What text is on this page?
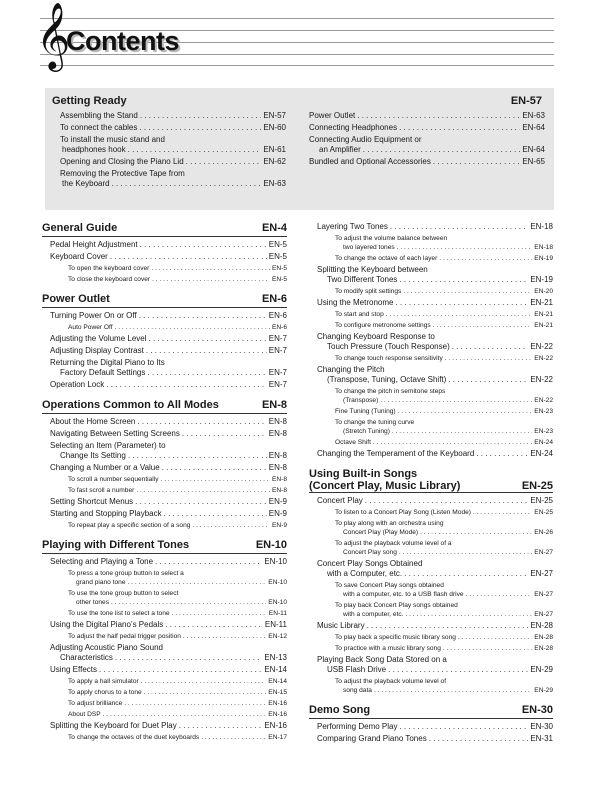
𝄞
Contents
Getting Ready	EN-57
Assembling the Stand . . .	EN-57
To connect the cables . . .	EN-60
To install the music stand and
headphones hook . . .	EN-61
Opening and Closing the Piano Lid . . .	EN-62
Removing the Protective Tape from
the Keyboard . . .	EN-63
Power Outlet . . .	EN-63
Connecting Headphones . . .	EN-64
Connecting Audio Equipment or
an Amplifier . . .	EN-64
Bundled and Optional Accessories . . .	EN-65
General Guide	EN-4
Pedal Height Adjustment . . .	EN-5
Keyboard Cover . . .	EN-5
To open the keyboard cover . . .	EN-5
To close the keyboard cover . . .	EN-5
Power Outlet	EN-6
Turning Power On or Off . . .	EN-6
Auto Power Off . . .	EN-6
Adjusting the Volume Level . . .	EN-7
Adjusting Display Contrast . . .	EN-7
Returning the Digital Piano to Its
Factory Default Settings . . .	EN-7
Operation Lock . . .	EN-7
Operations Common to All Modes	EN-8
About the Home Screen . . .	EN-8
Navigating Between Setting Screens . . .	EN-8
Selecting an Item (Parameter) to
Change Its Setting . . .	EN-8
Changing a Number or a Value . . .	EN-8
To scroll a number sequentially . . .	EN-8
To fast scroll a number . . .	EN-8
Setting Shortcut Menus . . .	EN-9
Starting and Stopping Playback . . .	EN-9
To repeat play a specific section of a song . . .	EN-9
Playing with Different Tones	EN-10
Selecting and Playing a Tone . . .	EN-10
To press a tone group button to select a
grand piano tone . . .	EN-10
To use the tone group button to select
other tones . . .	EN-10
To use the tone list to select a tone . . .	EN-11
Using the Digital Piano’s Pedals . . .	EN-11
To adjust the half pedal trigger position . . .	EN-12
Adjusting Acoustic Piano Sound
Characteristics . . .	EN-13
Using Effects . . .	EN-14
To apply a hall simulator . . .	EN-14
To apply chorus to a tone . . .	EN-15
To adjust brilliance . . .	EN-16
About DSP . . .	EN-16
Splitting the Keyboard for Duet Play . . .	EN-16
To change the octaves of the duet keyboards . . .	EN-17
Layering Two Tones . . .	EN-18
To adjust the volume balance between
two layered tones . . .	EN-18
To change the octave of each layer . . .	EN-19
Splitting the Keyboard between
Two Different Tones . . .	EN-19
To modify split settings . . .	EN-20
Using the Metronome . . .	EN-21
To start and stop . . .	EN-21
To configure metronome settings . . .	EN-21
Changing Keyboard Response to
Touch Pressure (Touch Response) . . .	EN-22
To change touch response sensitivity . . .	EN-22
Changing the Pitch
(Transpose, Tuning, Octave Shift) . . .	EN-22
To change the pitch in semitone steps
(Transpose) . . .	EN-22
Fine Tuning (Tuning) . . .	EN-23
To change the tuning curve
(Stretch Tuning) . . .	EN-23
Octave Shift . . .	EN-24
Changing the Temperament of the Keyboard . . .	EN-24
Using Built-in Songs
(Concert Play, Music Library)	EN-25
Concert Play . . .	EN-25
To listen to a Concert Play Song (Listen Mode) . . .	EN-25
To play along with an orchestra using
Concert Play (Play Mode) . . .	EN-26
To adjust the playback volume level of a
Concert Play song . . .	EN-27
Concert Play Songs Obtained
with a Computer, etc. . . .	EN-27
To save Concert Play songs obtained
with a computer, etc. to a USB flash drive . . .	EN-27
To play back Concert Play songs obtained
with a computer, etc. . . .	EN-27
Music Library . . .	EN-28
To play back a specific music library song . . .	EN-28
To practice with a music library song . . .	EN-28
Playing Back Song Data Stored on a
USB Flash Drive . . .	EN-29
To adjust the playback volume level of
song data . . .	EN-29
Demo Song	EN-30
Performing Demo Play . . .	EN-30
Comparing Grand Piano Tones . . .	EN-31
